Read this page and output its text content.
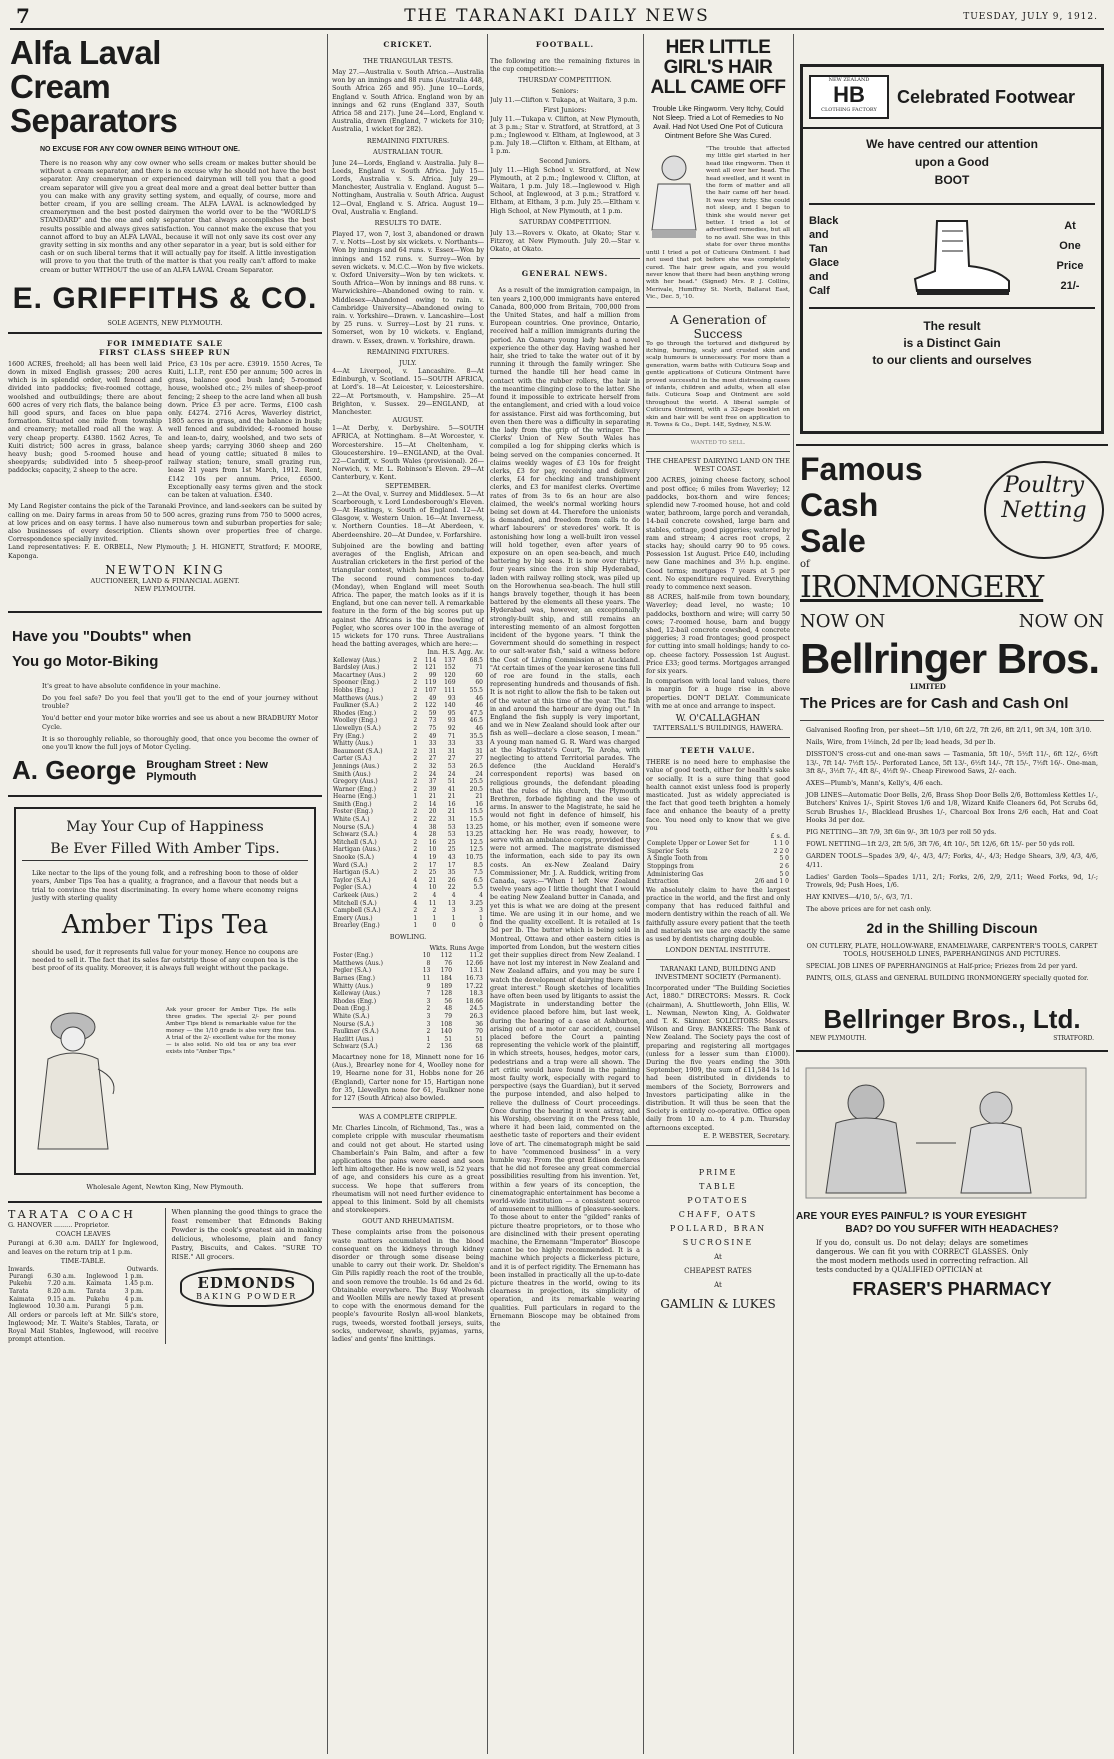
7	THE TARANAKI DAILY NEWS	TUESDAY, JULY 9, 1912.
Alfa Laval Cream Separators
NO EXCUSE FOR ANY COW OWNER BEING WITHOUT ONE.

There is no reason why any cow owner who sells cream or makes butter should be without a cream separator, and there is no excuse why he should not have the best separator. Any creameryman or experienced dairyman will tell you that a good cream separator will give you a great deal more and a great deal better butter than you can make with any gravity setting system, and equally, of course, more and better cream, if you are selling cream. The ALFA LAVAL is acknowledged by creamerymen and the best posted dairymen the world over to be the "WORLD'S STANDARD" and the one and only separator that always accomplishes the best results possible and always gives satisfaction. You cannot make the excuse that you cannot afford to buy an ALFA LAVAL, because it will not only save its cost over any gravity setting in six months and any other separator in a year, but is sold either for cash or on such liberal terms that it will actually pay for itself. A little investigation will prove to you that the truth of the matter is that you really can't afford to make cream or butter WITHOUT the use of an ALFA LAVAL Cream Separator.

E. GRIFFITHS & CO.
SOLE AGENTS, NEW PLYMOUTH.
FOR IMMEDIATE SALE
FIRST CLASS SHEEP RUN

1600 ACRES, freehold; all has been well laid down in mixed English grasses; 200 acres which is in splendid order, well fenced and divided into paddocks; five-roomed cottage, woolshed and outbuildings; there are about 600 acres of very rich flats, the balance being hill good spurs, and faces on blue papa formation. Situated one mile from township and creamery; metalled road all the way. A very cheap property. £4380. 1562 Acres, Te Kuiti district; 500 acres in grass, balance heavy bush; good 5-roomed house and sheepyards; subdivided into 5 sheep-proof paddocks; capacity, 2 sheep to the acre.

Price, £3 10s per acre. £3919. 1550 Acres, Te Kuiti, L.I.P., rent £50 per annum; 500 acres in grass, balance good bush land; 5-roomed house, woolshed etc.; 2½ miles of sheep-proof fencing; 2 sheep to the acre land when all bush down. Price £3 per acre. Terms, £100 cash only. £4274. 2716 Acres, Waverley district, 1805 acres in grass, and the balance in bush; well fenced and subdivided; 4-roomed house and lean-to, dairy, woolshed, and two sets of sheep yards; carrying 3060 sheep and 260 head of young cattle; situated 8 miles to railway station; tenure, small grazing run, lease 21 years from 1st March, 1912. Rent, £142 10s per annum. Price, £6500. Exceptionally easy terms given and the stock can be taken at valuation. £340.

My Land Register contains the pick of the Taranaki Province, and land-seekers can be suited by calling on me. Dairy farms in areas from 50 to 500 acres, grazing runs from 750 to 5000 acres, at low prices and on easy terms. I have also numerous town and suburban properties for sale; also businesses of every description. Clients shown over properties free of charge. Correspondence specially invited.

Land representatives: F. E. ORBELL, New Plymouth; J. H. HIGNETT, Stratford; F. MOORE, Kaponga.

NEWTON KING
AUCTIONEER, LAND & FINANCIAL AGENT.
NEW PLYMOUTH.
Have you "Doubts" when
You go Motor-Biking

It's great to have absolute confidence in your machine.

Do you feel safe? Do you feel that you'll get to the end of your journey without trouble?

You'd better end your motor bike worries and see us about a new BRADBURY Motor Cycle.

It is so thoroughly reliable, so thoroughly good, that once you become the owner of one you'll know the full joys of Motor Cycling.

A. George Brougham Street : New Plymouth
May Your Cup of Happiness
Be Ever Filled With Amber Tips.

Like nectar to the lips of the young folk, and a refreshing boon to those of older years, Amber Tips Tea has a quality, a fragrance, and a flavour that needs but a trial to convince the most discriminating. In every home where economy reigns justly with sterling quality

Amber Tips Tea

should be used, for it represents full value for your money. Hence no coupons are needed to sell it. The fact that its sales far outstrip those of any coupon tea is the best proof of its quality. Moreover, it is always full weight without the package.

Ask your grocer for Amber Tips. He sells three grades. The special 2/- per pound Amber Tips blend is remarkable value for the money — the 1/10 grade is also very fine tea. A trial of the 2/- excellent value for the money — is also solid. No old tea or any tea ever exists into "Amber Tips."

Wholesale Agent, Newton King, New Plymouth.
TARATA COACH

G. HANOVER ......... Proprietor.

COACH LEAVES

Purangi at 6.30 a.m. DAILY for Inglewood, and leaves on the return trip at 1 p.m.

TIME-TABLE.
Inwards.	Outwards.
Purangi	6.30 a.m.	Inglewood	1 p.m.
Pukehu	7.20 a.m.	Kaimata	1.45 p.m.
Tarata	8.20 a.m.	Tarata	3 p.m.
Kaimata	9.15 a.m.	Pukehu	4 p.m.
Inglewood	10.30 a.m.	Purangi	5 p.m.

All orders or parcels left at Mr. Silk's store, Inglewood; Mr. T. Waite's Stables, Tarata, or Royal Mail Stables, Inglewood, will receive prompt attention.

When planning the good things to grace the feast remember that Edmonds Baking Powder is the cook's greatest aid in making delicious, wholesome, plain and fancy Pastry, Biscuits, and Cakes. "SURE TO RISE." All grocers.

EDMONDS
BAKING POWDER
CRICKET.
THE TRIANGULAR TESTS.

May 27.—Australia v. South Africa.—Australia won by an innings and 88 runs (Australia 448, South Africa 265 and 95). June 10—Lords, England v. South Africa. England won by an innings and 62 runs (England 337, South Africa 58 and 217). June 24—Lord, England v. Australia, drawn (England, 7 wickets for 310; Australia, 1 wicket for 282).

REMAINING FIXTURES.
AUSTRALIAN TOUR.

June 24—Lords, England v. Australia. July 8—Leeds, England v. South Africa. July 15—Lords, Australia v. S. Africa. July 29—Manchester, Australia v. England. August 5—Nottingham, Australia v. South Africa. August 12—Oval, England v. S. Africa. August 19—Oval, Australia v. England.

RESULTS TO DATE.

Played 17, won 7, lost 3, abandoned or drawn 7. v. Notts—Lost by six wickets. v. Northants—Won by innings and 64 runs. v. Essex—Won by innings and 152 runs. v. Surrey—Won by seven wickets. v. M.C.C.—Won by five wickets. v. Oxford University—Won by ten wickets. v. South Africa—Won by innings and 88 runs. v. Warwickshire—Abandoned owing to rain. v. Middlesex—Abandoned owing to rain. v. Cambridge University—Abandoned owing to rain. v. Yorkshire—Drawn. v. Lancashire—Lost by 25 runs. v. Surrey—Lost by 21 runs. v. Somerset, won by 10 wickets. v. England, drawn. v. Essex, drawn. v. Yorkshire, drawn.

REMAINING FIXTURES.
JULY.

4—At Liverpool, v. Lancashire. 8—At Edinburgh, v. Scotland. 15—SOUTH AFRICA, at Lord's. 18—At Leicester, v. Leicestershire. 22—At Portsmouth, v. Hampshire. 25—At Brighton, v. Sussex. 29—ENGLAND, at Manchester.

AUGUST.

1—At Derby, v. Derbyshire. 5—SOUTH AFRICA, at Nottingham. 8—At Worcester, v. Worcestershire. 15—At Cheltenham, v. Gloucestershire. 19—ENGLAND, at the Oval. 22—Cardiff, v. South Wales (provisional). 26—Norwich, v. Mr. L. Robinson's Eleven. 29—At Canterbury, v. Kent.

SEPTEMBER.

2—At the Oval, v. Surrey and Middlesex. 5—At Scarborough, v. Lord Londesborough's Eleven. 9—At Hastings, v. South of England. 12—At Glasgow, v. Western Union. 16—At Inverness, v. Northern Counties. 18—At Aberdeen, v. Aberdeenshire. 20—At Dundee, v. Forfarshire.

Subjoined are the bowling and batting averages of the English, African and Australian cricketers in the first period of the triangular contest, which has just concluded. The second round commences to-day (Monday), when England will meet South Africa. The paper, the match looks as if it is England, but one can never tell. A remarkable feature in the form of the big scores put up against the Africans is the fine bowling of Pegler, who scores over 100 in the average of 15 wickets for 170 runs. Three Australians head the batting averages, which are here:—

Inn. H.S. Agg. Av.
Kelleway (Aus.)	2	114	137	68.5
Bardsley (Aus.)	2	121	152	71
Macartney (Aus.)	2	99	120	60
Spooner (Eng.)	2	119	169	60
Hobbs (Eng.)	2	107	111	55.5
Matthews (Aus.)	2	49	93	46
Faulkner (S.A.)	2	122	140	46
Rhodes (Eng.)	2	59	95	47.5
Woolley (Eng.)	2	73	93	46.5
Llewellyn (S.A.)	2	75	92	46
Fry (Eng.)	2	49	71	35.5
Whitty (Aus.)	1	33	33	33
Beaumont (S.A.)	2	31	31	31
Carter (S.A.)	2	27	27	27
Jennings (Aus.)	2	32	53	26.5
Smith (Aus.)	2	24	24	24
Gregory (Aus.)	2	37	51	25.5
Warner (Eng.)	2	39	41	20.5
Hearne (Eng.)	1	21	21	21
Smith (Eng.)	2	14	16	16
Foster (Eng.)	2	20	21	15.5
White (S.A.)	2	22	31	15.5
Nourse (S.A.)	4	38	53	13.25
Schwarz (S.A.)	4	28	53	13.25
Mitchell (S.A.)	2	16	25	12.5
Hartigan (Aus.)	2	10	25	12.5
Snooke (S.A.)	4	19	43	10.75
Ward (S.A.)	2	17	17	8.5
Hartigan (S.A.)	2	25	35	7.5
Taylor (S.A.)	4	21	26	6.5
Pegler (S.A.)	4	10	22	5.5
Carkeek (Aus.)	2	4	4	4
Mitchell (S.A.)	4	11	13	3.25
Campbell (S.A.)	2	2	3	3
Emery (Aus.)	1	1	1	1
Brearley (Eng.)	1	0	0	0
BOWLING.
Wkts. Runs Avge
Foster (Eng.)	10	112	11.2
Matthews (Aus.)	8	76	12.66
Pegler (S.A.)	13	170	13.1
Barnes (Eng.)	11	184	16.73
Whitty (Aus.)	9	189	17.22
Kelleway (Aus.)	7	128	18.3
Rhodes (Eng.)	3	56	18.66
Dean (Eng.)	2	48	24.5
White (S.A.)	3	79	26.3
Nourse (S.A.)	3	108	36
Faulkner (S.A.)	2	140	70
Hazlitt (Aus.)	1	51	51
Schwarz (S.A.)	2	136	68

Macartney none for 18, Minnett none for 16 (Aus.), Brearley none for 4, Woolley none for 19, Hearne none for 31, Hobbs none for 26 (England), Carter none for 15, Hartigan none for 35, Llewellyn none for 61, Faulkner none for 127 (South Africa) also bowled.

WAS A COMPLETE CRIPPLE.

Mr. Charles Lincoln, of Richmond, Tas., was a complete cripple with muscular rheumatism and could not get about. He started using Chamberlain's Pain Balm, and after a few applications the pains were eased and soon left him altogether. He is now well, is 52 years of age, and considers his cure as a great success. We hope that sufferers from rheumatism will not need further evidence to appeal to this liniment. Sold by all chemists and storekeepers.

GOUT AND RHEUMATISM.

These complaints arise from the poisonous waste matters accumulated in the blood consequent on the kidneys through kidney disorder or through some disease being unable to carry out their work. Dr. Sheldon's Gin Pills rapidly reach the root of the trouble, and soon remove the trouble. 1s 6d and 2s 6d. Obtainable everywhere. The Busy Woolwash and Woollen Mills are newly taxed at present to cope with the enormous demand for the people's favourite Roslyn all-wool blankets, rugs, tweeds, worsted football jerseys, suits, socks, underwear, shawls, pyjamas, yarns, ladies' and gents' fine knittings.

FOOTBALL.

The following are the remaining fixtures in the cup competition:—

THURSDAY COMPETITION.
Seniors:

July 11.—Clifton v. Tukapa, at Waitara, 3 p.m.

First Juniors:

July 11.—Tukapa v. Clifton, at New Plymouth, at 3 p.m.; Star v. Stratford, at Stratford, at 3 p.m.; Inglewood v. Eltham, at Inglewood, at 3 p.m. July 18.—Clifton v. Eltham, at Eltham, at 1 p.m.

Second Juniors.

July 11.—High School v. Stratford, at New Plymouth, at 2 p.m.; Inglewood v. Clifton, at Waitara, 1 p.m. July 18.—Inglewood v. High School, at Inglewood, at 3 p.m.; Stratford v. Eltham, at Eltham, 3 p.m. July 25.—Eltham v. High School, at New Plymouth, at 1 p.m.

SATURDAY COMPETITION.

July 13.—Rovers v. Okato, at Okato; Star v. Fitzroy, at New Plymouth. July 20.—Star v. Okato, at Okato.

GENERAL NEWS.

As a result of the immigration campaign, in ten years 2,100,000 immigrants have entered Canada, 800,000 from Britain, 700,000 from the United States, and half a million from European countries. One province, Ontario, received half a million immigrants during the period. An Oamaru young lady had a novel experience the other day. Having washed her hair, she tried to take the water out of it by running it through the family wringer. She turned the handle till her head came in contact with the rubber rollers, the hair in the meantime clinging close to the latter. She found it impossible to extricate herself from the entanglement, and cried with a loud voice for assistance. First aid was forthcoming, but even then there was a difficulty in separating the lady from the grip of the wringer. The Clerks' Union of New South Wales has compiled a log for shipping clerks which is being served on the companies concerned. It claims weekly wages of £3 10s for freight clerks, £3 for pay, receiving and delivery clerks, £4 for checking and transhipment clerks, and £3 for manifest clerks. Overtime rates of from 3s to 6s an hour are also claimed, the week's normal working hours being set down at 44. Therefore the unionists is demanded, and freedom from calls to do wharf labourers' or stevedores' work. It is astonishing how long a well-built iron vessel will hold together, even after years of exposure on an open sea-beach, and much battering by big seas. It is now over thirty-four years since the iron ship Hyderabad, laden with railway rolling stock, was piled up on the Horowhenua sea-beach. The hull still hangs bravely together, though it has been battered by the elements all these years. The Hyderabad was, however, an exceptionally strongly-built ship, and still remains an interesting memento of an almost forgotten incident of the bygone years. "I think the Government should do something in respect to our salt-water fish," said a witness before the Cost of Living Commission at Auckland. "At certain times of the year kerosene tins full of roe are found in the stalls, each representing hundreds and thousands of fish. It is not right to allow the fish to be taken out of the water at this time of the year. The fish in and around the harbour are dying out." In England the fish supply is very important, and we in New Zealand should look after our fish as well—declare a close season, I mean." A young man named G. R. Ward was charged at the Magistrate's Court, Te Aroha, with neglecting to attend Territorial parades. The defence (the Auckland Herald's correspondent reports) was based on religious grounds, the defendant pleading that the rules of his church, the Plymouth Brethren, forbade fighting and the use of arms. In answer to the Magistrate, he said he would not fight in defence of himself, his home, or his mother, even if someone were attacking her. He was ready, however, to serve with an ambulance corps, provided they were not armed. The magistrate dismissed the information, each side to pay its own costs. An ex-New Zealand Dairy Commissioner, Mr. J. A. Ruddick, writing from Canada, says:—"When I left New Zealand twelve years ago I little thought that I would be eating New Zealand butter in Canada, and yet this is what we are doing at the present time. We are using it in our home, and we find the quality excellent. It is retailed at 1s 3d per lb. The butter which is being sold in Montreal, Ottawa and other eastern cities is imported from London, but the western cities get their supplies direct from New Zealand. I have not lost my interest in New Zealand and New Zealand affairs, and you may be sure I watch the development of dairying there with great interest." Rough sketches of localities have often been used by litigants to assist the Magistrate in understanding better the evidence placed before him, but last week, during the hearing of a case at Ashburton, arising out of a motor car accident, counsel placed before the Court a painting representing the vehicle work of the plaintiff, in which streets, houses, hedges, motor cars, pedestrians and a trap were all shown. The art critic would have found in the painting most faulty work, especially with regard to perspective (says the Guardian), but it served the purpose intended, and also helped to relieve the dullness of Court proceedings. Once during the hearing it went astray, and his Worship, observing it on the Press table, where it had been laid, commented on the aesthetic taste of reporters and their evident love of art. The cinematograph might be said to have "commenced business" in a very humble way. From the great Edison declares that he did not foresee any great commercial possibilities resulting from his invention. Yet, within a few years of its conception, the cinematographic entertainment has become a world-wide institution — a consistent source of amusement to millions of pleasure-seekers. To those about to enter the "gilded" ranks of picture theatre proprietors, or to those who are disinclined with their present operating machine, the Ernemann "Imperator" Bioscope cannot be too highly recommended. It is a machine which projects a flickerless picture, and it is of perfect rigidity. The Ernemann has been installed in practically all the up-to-date picture theatres in the world, owing to its clearness in projection, its simplicity of operation, and its remarkable wearing qualities. Full particulars in regard to the Ernemann Bioscope may be obtained from the

HER LITTLE GIRL'S HAIR ALL CAME OFF
Trouble Like Ringworm. Very Itchy, Could Not Sleep. Tried a Lot of Remedies to No Avail. Had Not Used One Pot of Cuticura Ointment Before She Was Cured.

"The trouble that affected my little girl started in her head like ringworm. Then it went all over her head. The head swelled, and it went in the form of matter and all the hair came off her head. It was very itchy. She could not sleep, and I began to think she would never get better. I tried a lot of advertised remedies, but all to no avail. She was in this state for over three months until I tried a pot of Cuticura Ointment. I had not used that pot before she was completely cured. The hair grew again, and you would never know that there had been anything wrong with her head." (Signed) Mrs. P. J. Collins, Merivale, Humffray St. North, Ballarat East, Vic., Dec. 5, '10.

A Generation of Success

To go through the tortured and disfigured by itching, burning, scaly and crusted skin and scalp humours is unnecessary. For more than a generation, warm baths with Cuticura Soap and gentle applications of Cuticura Ointment have proved successful in the most distressing cases of infants, children and adults, when all else fails. Cuticura Soap and Ointment are sold throughout the world. A liberal sample of Cuticura Ointment, with a 32-page booklet on skin and hair will be sent free on application to R. Towns & Co., Dept. 14E, Sydney, N.S.W.

WANTED TO SELL.
THE CHEAPEST DAIRYING LAND ON THE WEST COAST.

200 ACRES, joining cheese factory, school and post office; 6 miles from Waverley; 12 paddocks, box-thorn and wire fences; splendid new 7-roomed house, hot and cold water, bathroom, large porch and verandah, 14-bail concrete cowshed, large barn and stables, cottage, good piggeries; watered by ram and stream; 4 acres root crops, 2 stacks hay; should carry 90 to 95 cows. Possession 1st August. Price £40, including new Gane machines and 3½ h.p. engine. Good terms; mortgages 7 years at 5 per cent. No expenditure required. Everything ready to commence next season.

88 ACRES, half-mile from town boundary, Waverley; dead level, no waste; 10 paddocks, boxthorn and wire; will carry 50 cows; 7-roomed house, barn and buggy shed, 12-bail concrete cowshed, 4 concrete piggeries; 3 road frontages; good prospect for cutting into small holdings; handy to co-op. cheese factory. Possession 1st August. Price £33; good terms. Mortgages arranged for six years.

In comparison with local land values, there is margin for a huge rise in above properties. DON'T DELAY. Communicate with me at once and arrange to inspect.

W. O'CALLAGHAN
TATTERSALL'S BUILDINGS, HAWERA.
TEETH VALUE.

THERE is no need here to emphasise the value of good teeth, either for health's sake or socially. It is a sure thing that good health cannot exist unless food is properly masticated. Just as widely appreciated is the fact that good teeth brighten a homely face and enhance the beauty of a pretty face. You need only to know that we give you

£ s. d.
Complete Upper or Lower Set for	1 1 0
Superior Sets	2 2 0
A Single Tooth from	5 0
Stoppings from	2 6
Administering Gas	5 0
Extraction	2/6 and 1 0

We absolutely claim to have the largest practice in the world, and the first and only company that has reduced faithful and modern dentistry within the reach of all. We faithfully assure every patient that the teeth and materials we use are exactly the same as used by dentists charging double.

LONDON DENTAL INSTITUTE.
TARANAKI LAND, BUILDING AND INVESTMENT SOCIETY (Permanent).

Incorporated under "The Building Societies Act, 1880." DIRECTORS: Messrs. R. Cock (chairman), A. Shuttleworth, John Ellis, W. L. Newman, Newton King, A. Goldwater and T. K. Skinner. SOLICITORS: Messrs. Wilson and Grey. BANKERS: The Bank of New Zealand. The Society pays the cost of preparing and registering all mortgages (unless for a lesser sum than £1000). During the five years ending the 30th September, 1909, the sum of £11,584 1s 1d had been distributed in dividends to members of the Society, Borrowers and Investors participating alike in the distribution. It will thus be seen that the Society is entirely co-operative. Office open daily from 10 a.m. to 4 p.m. Thursday afternoons excepted.

E. P. WEBSTER, Secretary.
PRIME
TABLE
POTATOES
CHAFF, OATS
POLLARD, BRAN
SUCROSINE
At
CHEAPEST RATES
At
GAMLIN & LUKES
NEW ZEALAND
HB
CLOTHING FACTORY
Celebrated Footwear
We have centred our attention
upon a Good
BOOT
Black
and
Tan
Glace
and
Calf
At
One
Price
21/-
The result
is a Distinct Gain
to our clients and ourselves
Famous
Cash
Sale
Poultry Netting
of
IRONMONGERY
NOW ON	NOW ON
Bellringer Bros.
LIMITED
The Prices are for Cash and Cash Onl

Galvanised Roofing Iron, per sheet—5ft 1/10, 6ft 2/2, 7ft 2/6, 8ft 2/11, 9ft 3/4, 10ft 3/10.

Nails, Wire, from 1½inch, 2d per lb; lead heads, 3d per lb.

DISSTON'S cross-cut and one-man saws — Tasmania, 5ft 10/-, 5½ft 11/-, 6ft 12/-, 6½ft 13/-, 7ft 14/- 7½ft 15/-. Perforated Lance, 5ft 13/-, 6½ft 14/-, 7ft 15/-, 7½ft 16/-. One-man, 3ft 8/-, 3½ft 7/-, 4ft 8/-, 4½ft 9/-. Cheap Firewood Saws, 2/- each.

AXES—Plumb's, Mann's, Kelly's, 4/6 each.

JOB LINES—Automatic Door Bells, 2/6, Brass Shop Door Bells 2/6, Bottomless Kettles 1/-, Butchers' Knives 1/-, Spirit Stoves 1/6 and 1/8, Wizard Knife Cleaners 6d, Pot Scrubs 6d, Scrub Brushes 1/-, Blacklead Brushes 1/-, Charcoal Box Irons 2/6 each, Hat and Coat Hooks 3d per doz.

PIG NETTING—3ft 7/9, 3ft 6in 9/-, 3ft 10/3 per roll 50 yds.

FOWL NETTING—1ft 2/3, 2ft 5/6, 3ft 7/6, 4ft 10/-, 5ft 12/6, 6ft 15/- per 50 yds roll.

GARDEN TOOLS—Spades 3/9, 4/-, 4/3, 4/7; Forks, 4/-, 4/3; Hedge Shears, 3/9, 4/3, 4/6, 4/11.

Ladies' Garden Tools—Spades 1/11, 2/1; Forks, 2/6, 2/9, 2/11; Weed Forks, 9d, 1/-; Trowels, 9d; Push Hoes, 1/6.

HAY KNIVES—4/10, 5/-, 6/3, 7/1.

The above prices are for net cash only.

2d in the Shilling Discoun

ON CUTLERY, PLATE, HOLLOW-WARE, ENAMELWARE, CARPENTER'S TOOLS, CARPET TOOLS, HOUSEHOLD LINES, PAPERHANGINGS AND PICTURES.

SPECIAL JOB LINES OF PAPERHANGINGS at Half-price; Friezes from 2d per yard.

PAINTS, OILS, GLASS and GENERAL BUILDING IRONMONGERY specially quoted for.

Bellringer Bros., Ltd.
NEW PLYMOUTH.	STRATFORD.
ARE YOUR EYES PAINFUL? IS YOUR EYESIGHT
BAD? DO YOU SUFFER WITH HEADACHES?

If you do, consult us. Do not delay; delays are sometimes dangerous. We can fit you with CORRECT GLASSES. Only the most modern methods used in correcting refraction. All tests conducted by a QUALIFIED OPTICIAN at

FRASER'S PHARMACY
